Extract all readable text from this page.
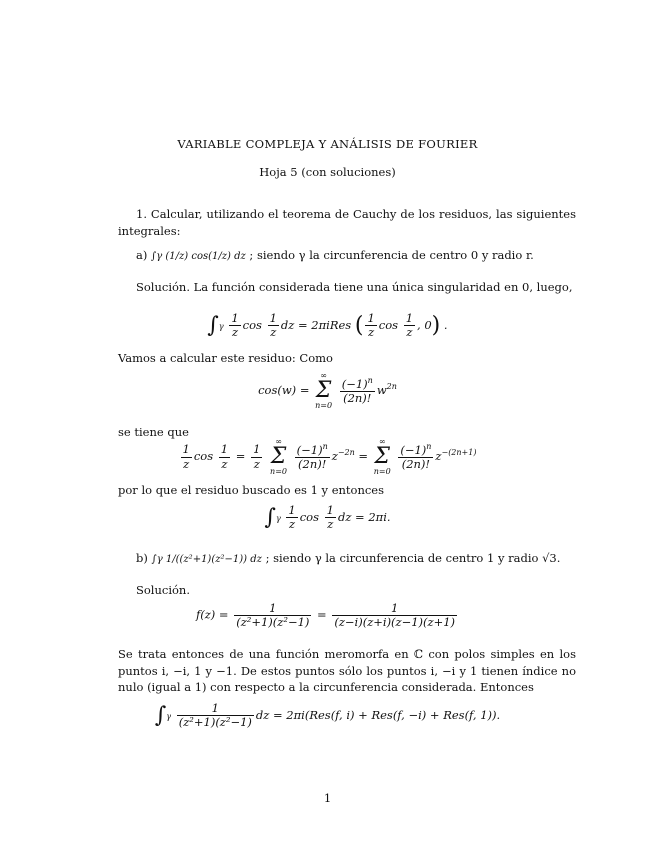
VARIABLE COMPLEJA Y ANÁLISIS DE FOURIER
Hoja 5 (con soluciones)
1. Calcular, utilizando el teorema de Cauchy de los residuos, las siguientes integrales:
a) ∫γ (1/z) cos(1/z) dz ; siendo γ la circunferencia de centro 0 y radio r.
Solución. La función considerada tiene una única singularidad en 0, luego,
$\int\gamma \frac{1}{z}$ $\cos \frac{1}{z}$ dz = 2πiRes ( $\frac{1}{z}$ $\cos \frac{1}{z}$ , 0) .
Vamos a calcular este residuo: Como
cos(w) =
∞
Σ
n=0
$\frac{(-1)^n}{(2n)!} w^{2n}$
se tiene que
$\frac{1}{z}$ $\cos \frac{1}{z} = \frac{1}{z}$

∞
Σ
n=0
$\frac{(-1)^n}{(2n)!} z^{-2n}$ =
∞
Σ
n=0
$\frac{(-1)^n}{(2n)!} z^{-(2n+1)}$
por lo que el residuo buscado es 1 y entonces
$\int\gamma \frac{1}{z}$ $\cos \frac{1}{z}$ dz = 2πi.
b) ∫γ 1/((z²+1)(z²−1)) dz ; siendo γ la circunferencia de centro 1 y radio √3.
Solución.
$f(z) = \frac{1}{\text{(z²+1)(z²−1)}} = \frac{1}{(z-i)(z+i)(z-1)(z+1)}$
Se trata entonces de una función meromorfa en ℂ con polos simples en los puntos i, −i, 1 y −1. De estos puntos sólo los puntos i, −i y 1 tienen índice no nulo (igual a 1) con respecto a la circunferencia considerada. Entonces
$\int\gamma \frac{1}{\text{(z²+1)(z²−1)}}$ dz = 2πi(Res(f, i) + Res(f, −i) + Res(f, 1)).
1
